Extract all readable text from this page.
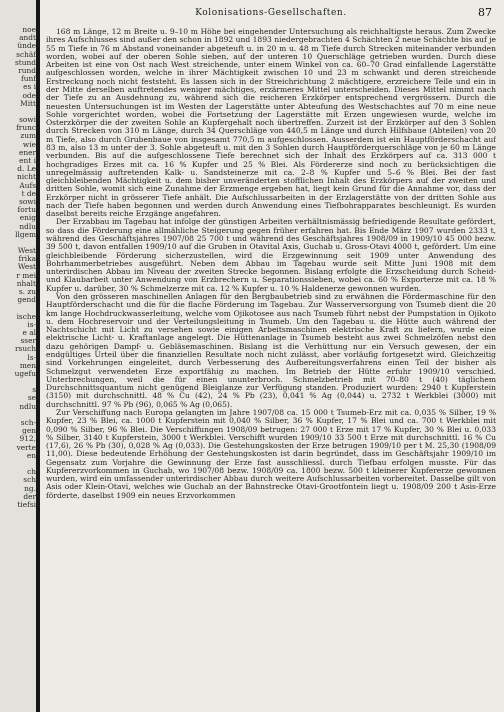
noe
andt
ünde
schäf
stund
rund
funf
es i
ode
Mitt
sowi
frunc
zum
wie
ener
ent i
d. Le
nicht
Aufs
t de
sowi
fortu
enig
ndlu
llgem
West
frika
West
r mei
nhalt
s. zu
gend
ische
is-
e al
sser
rsuch
ls-
men
ugefu
s
se
ndlu
sch-
gen
912,
verte
en
ch
sch
ng.
der
tiefsi
Kolonisations-Gesellschaften.	87

168 m Länge, 12 m Breite u. 9–10 m Höhe bei eingehender Untersuchung als reichhaltigste heraus. Zum Zwecke ihres Aufschlusses sind außer den schon in 1892 und 1893 niedergebrachten 4 Schächten 2 neue Schächte bis auf je 55 m Tiefe in 76 m Abstand voneinander abgeteuft u. in 20 m u. 48 m Tiefe durch Strecken miteinander verbunden worden, wobei auf der oberen Sohle sieben, auf der unteren 10 Querschläge getrieben wurden. Durch diese Arbeiten ist eine von Ost nach West streichende, unter einem Winkel von ca. 60–70 Grad einfallende Lagerstätte aufgeschlossen worden, welche in ihrer Mächtigkeit zwischen 10 und 23 m schwankt und deren streichende Erstreckung noch nicht feststeht. Es lassen sich in der Streichrichtung 2 mächtigere, erzreichere Teile und ein in der Mitte derselben auftretendes weniger mächtiges, erzärmeres Mittel unterscheiden. Dieses Mittel nimmt nach der Tiefe zu an Ausdehnung zu, während sich die reicheren Erzkörper entsprechend vergrössern. Durch die neuesten Untersuchungen ist im Westen der Lagerstätte unter Abteufung des Westschachtes auf 70 m eine neue Sohle vorgerichtet worden, wobei die Fortsetzung der Lagerstätte mit Erzen ungewiesen wurde, welche im Osterzkörper die der zweiten Sohle an Kupfergehalt noch übertreffen. Zurzeit ist der Erzkörper auf den 3 Sohlen durch Strecken von 310 m Länge, durch 34 Querschläge von 440,5 m Länge und durch Hilfsbaue (Abteilen) von 20 m Tiefe, also durch Grubenbaue von insgesamt 770,5 m aufgeschlossen. Ausserdem ist ein Hauptförderschacht auf 83 m, also 13 m unter der 3. Sohle abgeteuft u. mit den 3 Sohlen durch Hauptförderquerschläge von je 60 m Länge verbunden. Bis auf die aufgeschlossene Tiefe berechnet sich der Inhalt des Erzkörpers auf ca. 313 000 t hochgradiges Erzes mit ca. 16 % Kupfer und 25 % Blei. Als Fördererze sind noch zu berücksichtigen die unregelmässig auftretenden Kalk- u. Sandsteinerze mit ca. 2–8 % Kupfer und 5–6 % Blei. Bei der fast gleichbleibenden Mächtigkeit u. dem bisher unveränderten stofflichen Inhalt des Erzkörpers auf der zweiten und dritten Sohle, womit sich eine Zunahme der Erzmenge ergeben hat, liegt kein Grund für die Annahme vor, dass der Erzkörper nicht in grösserer Tiefe anhält. Die Aufschlussarbeiten in der Erzlagerstätte von der dritten Sohle aus nach der Tiefe haben begonnen und werden durch Anwendung eines Tiefbohrapparates beschleunigt. Es wurden daselbst bereits reiche Erzgänge angefahren.

Der Erzabbau im Tagebau hat infolge der günstigen Arbeiten verhältnismässig befriedigende Resultate gefördert, so dass die Förderung eine allmähliche Steigerung gegen früher erfahren hat. Bis Ende März 1907 wurden 2333 t, während des Geschäftsjahres 1907/08 25 700 t und während des Geschäftsjahres 1908/09 in 1909/10 45 000 bezw. 39 500 t, davon entfallen 1909/10 auf die Gruben in Otavital Axis, Guchab u. Gross-Otavi 4000 t, gefördert. Um eine gleichbleibende Förderung sicherzustellen, wird die Erzgewinnung seit 1909 unter Anwendung des Bohrhammerbetriebes ausgeführt. Neben dem Abbau im Tagebau wurde seit Mitte Juni 1908 mit dem unterirdischen Abbau im Niveau der zweiten Strecke begonnen. Bislang erfolgte die Erzscheidung durch Scheid- und Klaubarbeit unter Anwendung von Erzbrechern u. Separationssieben, wobei ca. 60 % Exporterze mit ca. 18 % Kupfer u. darüber, 30 % Schmelzerze mit ca. 12 % Kupfer u. 10 % Haldenerze gewonnen wurden.

Von den grösseren maschinellen Anlagen für den Bergbaubetrieb sind zu erwähnen die Fördermaschine für den Hauptförderschacht und die für die flache Förderung im Tagebau. Zur Wasserversorgung von Tsumeb dient die 20 km lange Hochdruckwasserleitung, welche vom Ojikotosee aus nach Tsumeb führt nebst der Pumpstation in Ojikoto u. dem Hochreservoir und der Verteilungsleitung in Tsumeb. Um den Tagebau u. die Hütte auch während der Nachtschicht mit Licht zu versehen sowie einigen Arbeitsmaschinen elektrische Kraft zu liefern, wurde eine elektrische Licht- u. Kraftanlage angelegt. Die Hüttenanlage in Tsumeb besteht aus zwei Schmelzöfen nebst den dazu gehörigen Dampf- u. Gebläsemaschinen. Bislang ist die Verhüttung nur ein Versuch gewesen, der ein endgültiges Urteil über die finanziellen Resultate noch nicht zulässt, aber vorläufig fortgesetzt wird. Gleichzeitig sind Vorkehrungen eingeleitet, durch Verbesserung des Aufbereitungsverfahrens einen Teil der bisher als Schmelzgut verwendeten Erze exportfähig zu machen. Im Betrieb der Hütte erfuhr 1909/10 verschied. Unterbrechungen, weil die für einen ununterbroch. Schmelzbetrieb mit 70–80 t (40) täglichem Durchschnittsquantum nicht genügend Bleiglanze zur Verfügung standen. Produziert wurden: 2940 t Kupferstein (3150) mit durchschnittl. 48 % Cu (42), 24 % Pb (23), 0,041 % Ag (0,044) u. 2732 t Werkblei (3000) mit durchschnittl. 97 % Pb (96), 0,065 % Ag (0,065).

Zur Verschiffung nach Europa gelangten im Jahre 1907/08 ca. 15 000 t Tsumeb-Erz mit ca. 0,035 % Silber, 19 % Kupfer, 23 % Blei, ca. 1000 t Kupferstein mit 0,040 % Silber, 36 % Kupfer, 17 % Blei und ca. 700 t Werkblei mit 0,090 % Silber, 96 % Blei. Die Verschiffungen 1908/09 betrugen: 27 000 t Erze mit 17 % Kupfer, 30 % Blei u. 0,033 % Silber, 3140 t Kupferstein, 3000 t Werkblei. Verschifft wurden 1909/10 33 500 t Erze mit durchschnittl. 16 % Cu (17,6), 26 % Pb (30), 0,028 % Ag (0,033). Die Gestehungskosten der Erze betrugen 1909/10 per t M. 25,30 (1908/09 11,00). Diese bedeutende Erhöhung der Gestehungskosten ist darin begründet, dass im Geschäftsjahr 1909/10 im Gegensatz zum Vorjahre die Gewinnung der Erze fast ausschliessl. durch Tiefbau erfolgen musste. Für das Kupfererzvorkommen in Guchab, wo 1907/08 bezw. 1908/09 ca. 1800 bezw. 500 t kleinerer Kupfererze gewonnen wurden, wird ein umfassender unterirdischer Abbau durch weitere Aufschlussarbeiten vorbereitet. Dasselbe gilt von Asis oder Klein-Otavi, welches wie Guchab an der Bahnstrecke Otavi-Grootfontein liegt u. 1908/09 200 t Asis-Erze förderte, daselbst 1909 ein neues Erzvorkommen
